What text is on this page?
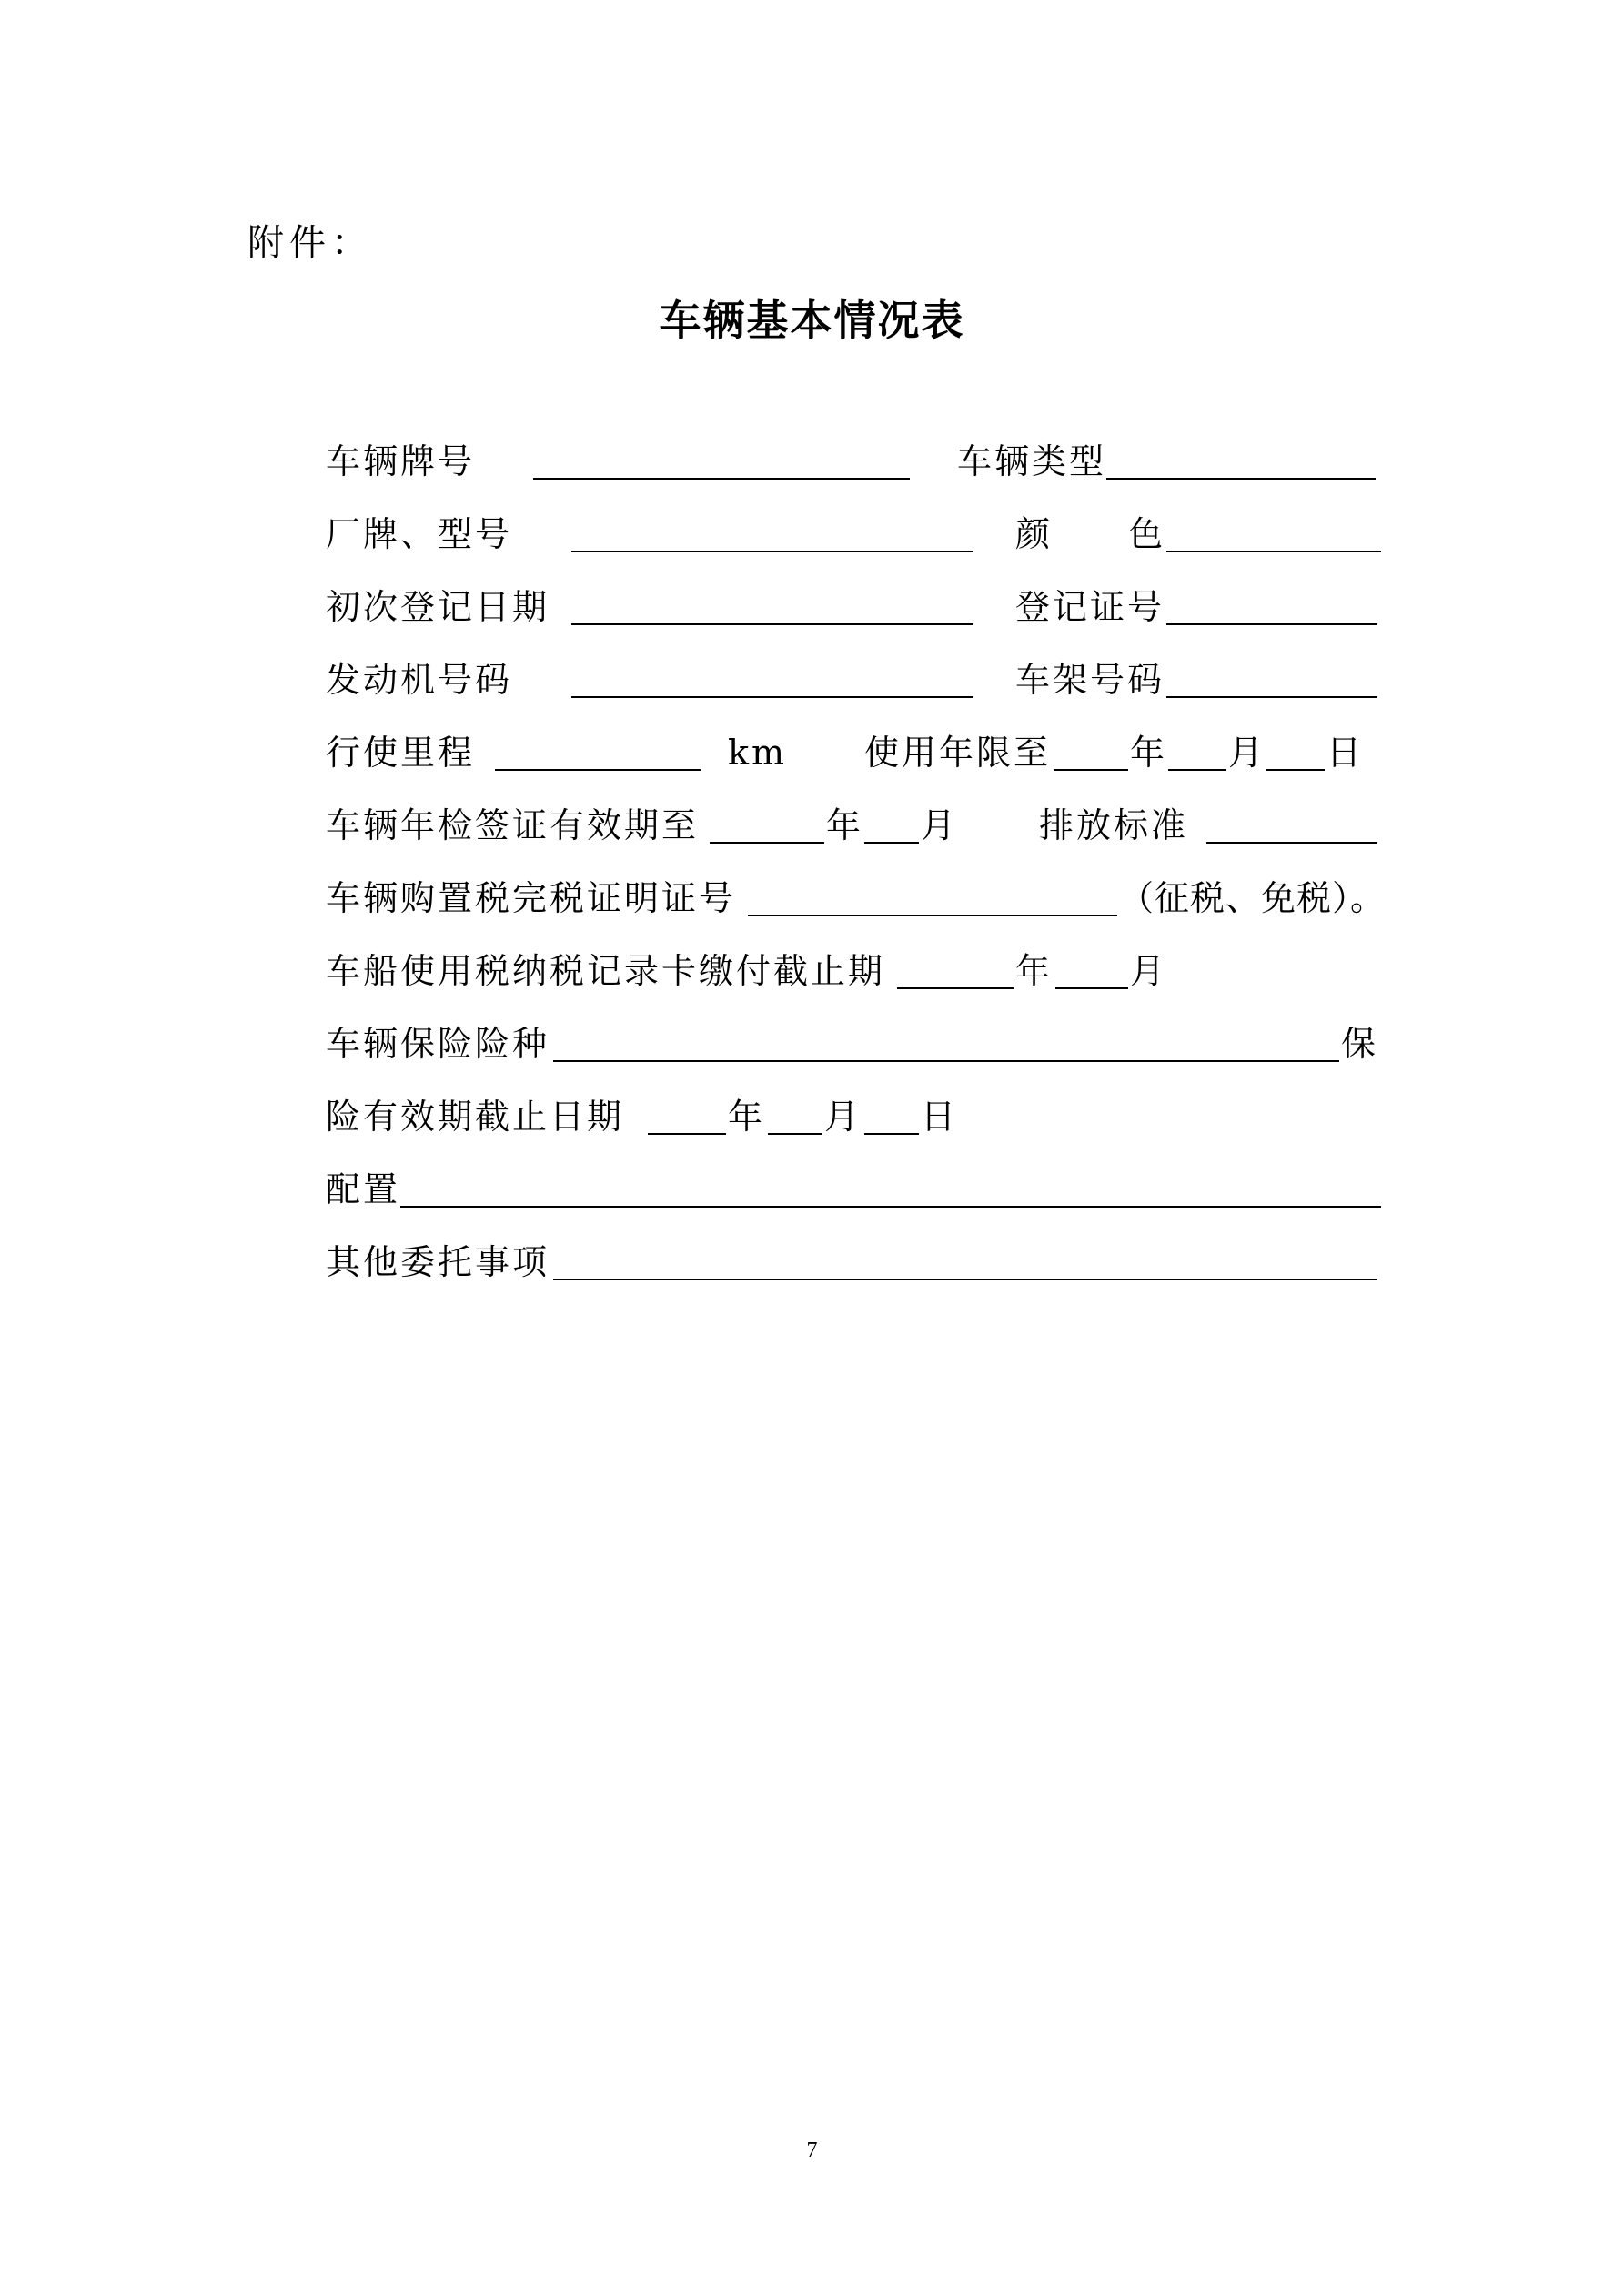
附件：
车辆基本情况表
车辆牌号	车辆类型
厂牌、型号	颜 色
初次登记日期	登记证号
发动机号码	车架号码
行使里程	km 使用年限至 年 月 日
车辆年检签证有效期至	年 月 排放标准
车辆购置税完税证明证号	（征税、免税）。
车船使用税纳税记录卡缴付截止期	年 月
车辆保险险种	保
险有效期截止日期	年 月 日
配置
其他委托事项
7
